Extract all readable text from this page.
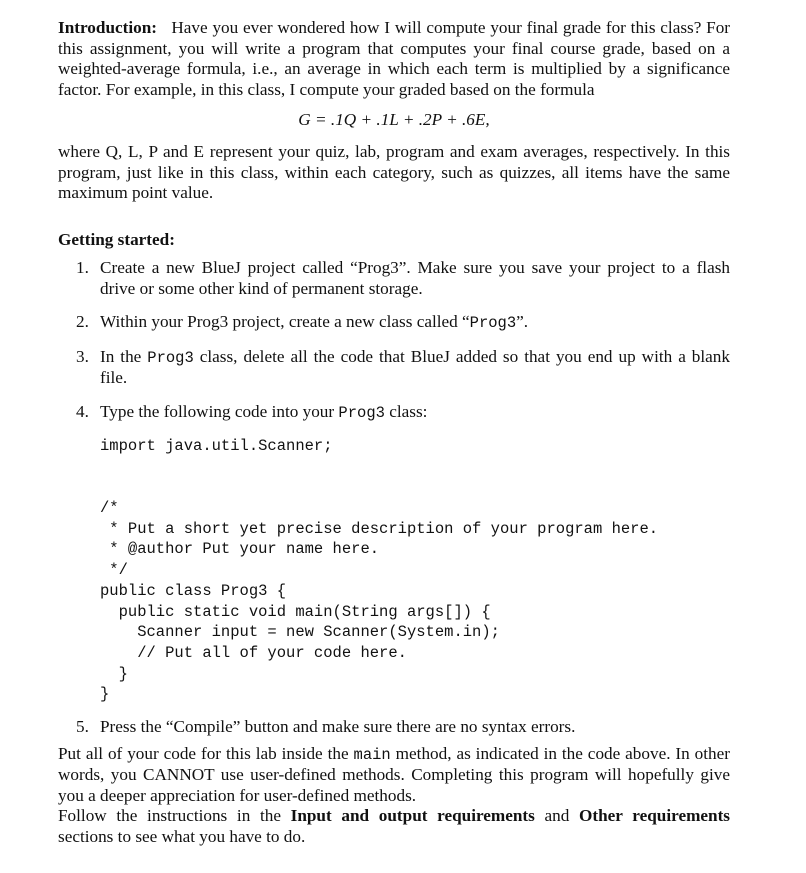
Introduction: Have you ever wondered how I will compute your final grade for this class? For this assignment, you will write a program that computes your final course grade, based on a weighted-average formula, i.e., an average in which each term is multiplied by a significance factor. For example, in this class, I compute your graded based on the formula

G = .1Q + .1L + .2P + .6E,

where Q, L, P and E represent your quiz, lab, program and exam averages, respectively. In this program, just like in this class, within each category, such as quizzes, all items have the same maximum point value.

Getting started:
1. Create a new BlueJ project called “Prog3”. Make sure you save your project to a flash drive or some other kind of permanent storage.
2. Within your Prog3 project, create a new class called “Prog3”.
3. In the Prog3 class, delete all the code that BlueJ added so that you end up with a blank file.
4. Type the following code into your Prog3 class:
import java.util.Scanner;
/*
* Put a short yet precise description of your program here.
* @author Put your name here.
*/
public class Prog3 {
public static void main(String args[]) {
Scanner input = new Scanner(System.in);
// Put all of your code here.
}
}
5. Press the “Compile” button and make sure there are no syntax errors.

Put all of your code for this lab inside the main method, as indicated in the code above. In other words, you CANNOT use user-defined methods. Completing this program will hopefully give you a deeper appreciation for user-defined methods.

Follow the instructions in the Input and output requirements and Other requirements sections to see what you have to do.
